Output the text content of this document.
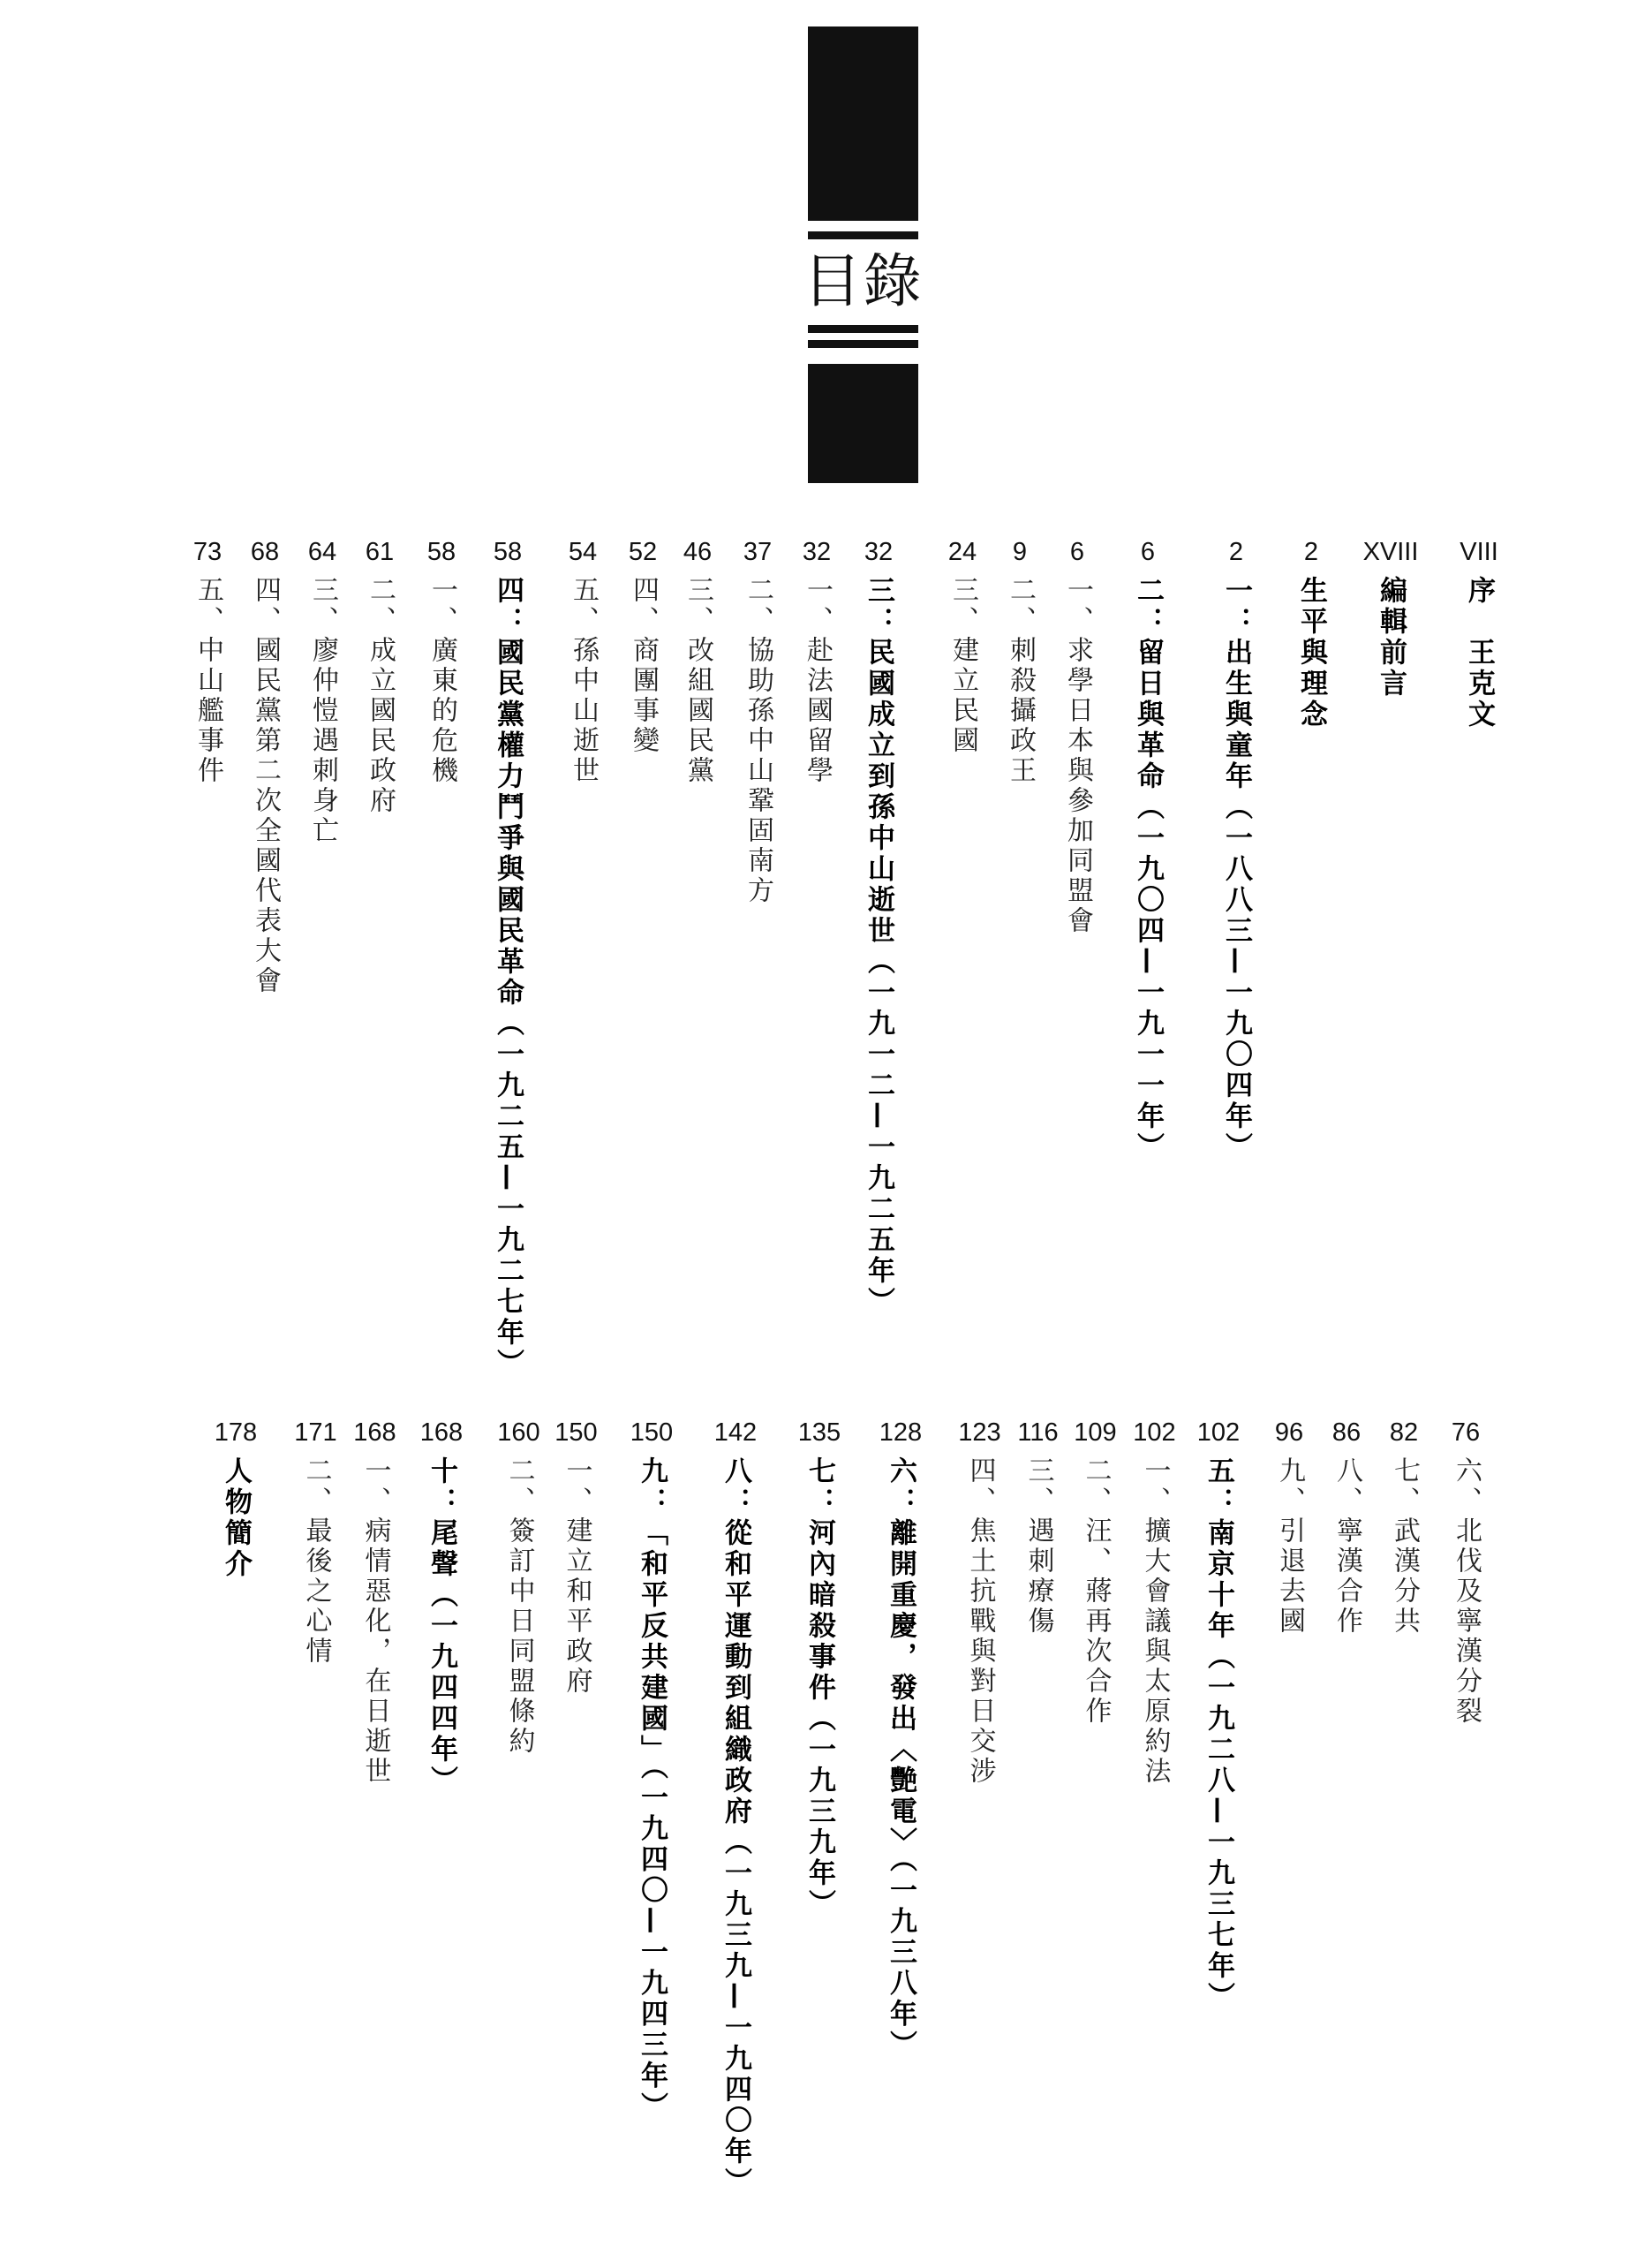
目錄
VIII
序　王克文
XVIII
編輯前言
2
生平與理念
2
一：出生與童年（一八八三—一九〇四年）
6
二：留日與革命（一九〇四—一九一一年）
6
一、求學日本與參加同盟會
9
二、刺殺攝政王
24
三、建立民國
32
三：民國成立到孫中山逝世（一九一二—一九二五年）
32
一、赴法國留學
37
二、協助孫中山鞏固南方
46
三、改組國民黨
52
四、商團事變
54
五、孫中山逝世
58
四：國民黨權力鬥爭與國民革命（一九二五—一九二七年）
58
一、廣東的危機
61
二、成立國民政府
64
三、廖仲愷遇刺身亡
68
四、國民黨第二次全國代表大會
73
五、中山艦事件
76
六、北伐及寧漢分裂
82
七、武漢分共
86
八、寧漢合作
96
九、引退去國
102
五：南京十年（一九二八—一九三七年）
102
一、擴大會議與太原約法
109
二、汪、蔣再次合作
116
三、遇刺療傷
123
四、焦土抗戰與對日交涉
128
六：離開重慶，發出〈艷電〉（一九三八年）
135
七：河內暗殺事件（一九三九年）
142
八：從和平運動到組織政府（一九三九—一九四〇年）
150
九：「和平反共建國」（一九四〇—一九四三年）
150
一、建立和平政府
160
二、簽訂中日同盟條約
168
十：尾聲（一九四四年）
168
一、病情惡化，在日逝世
171
二、最後之心情
178
人物簡介
